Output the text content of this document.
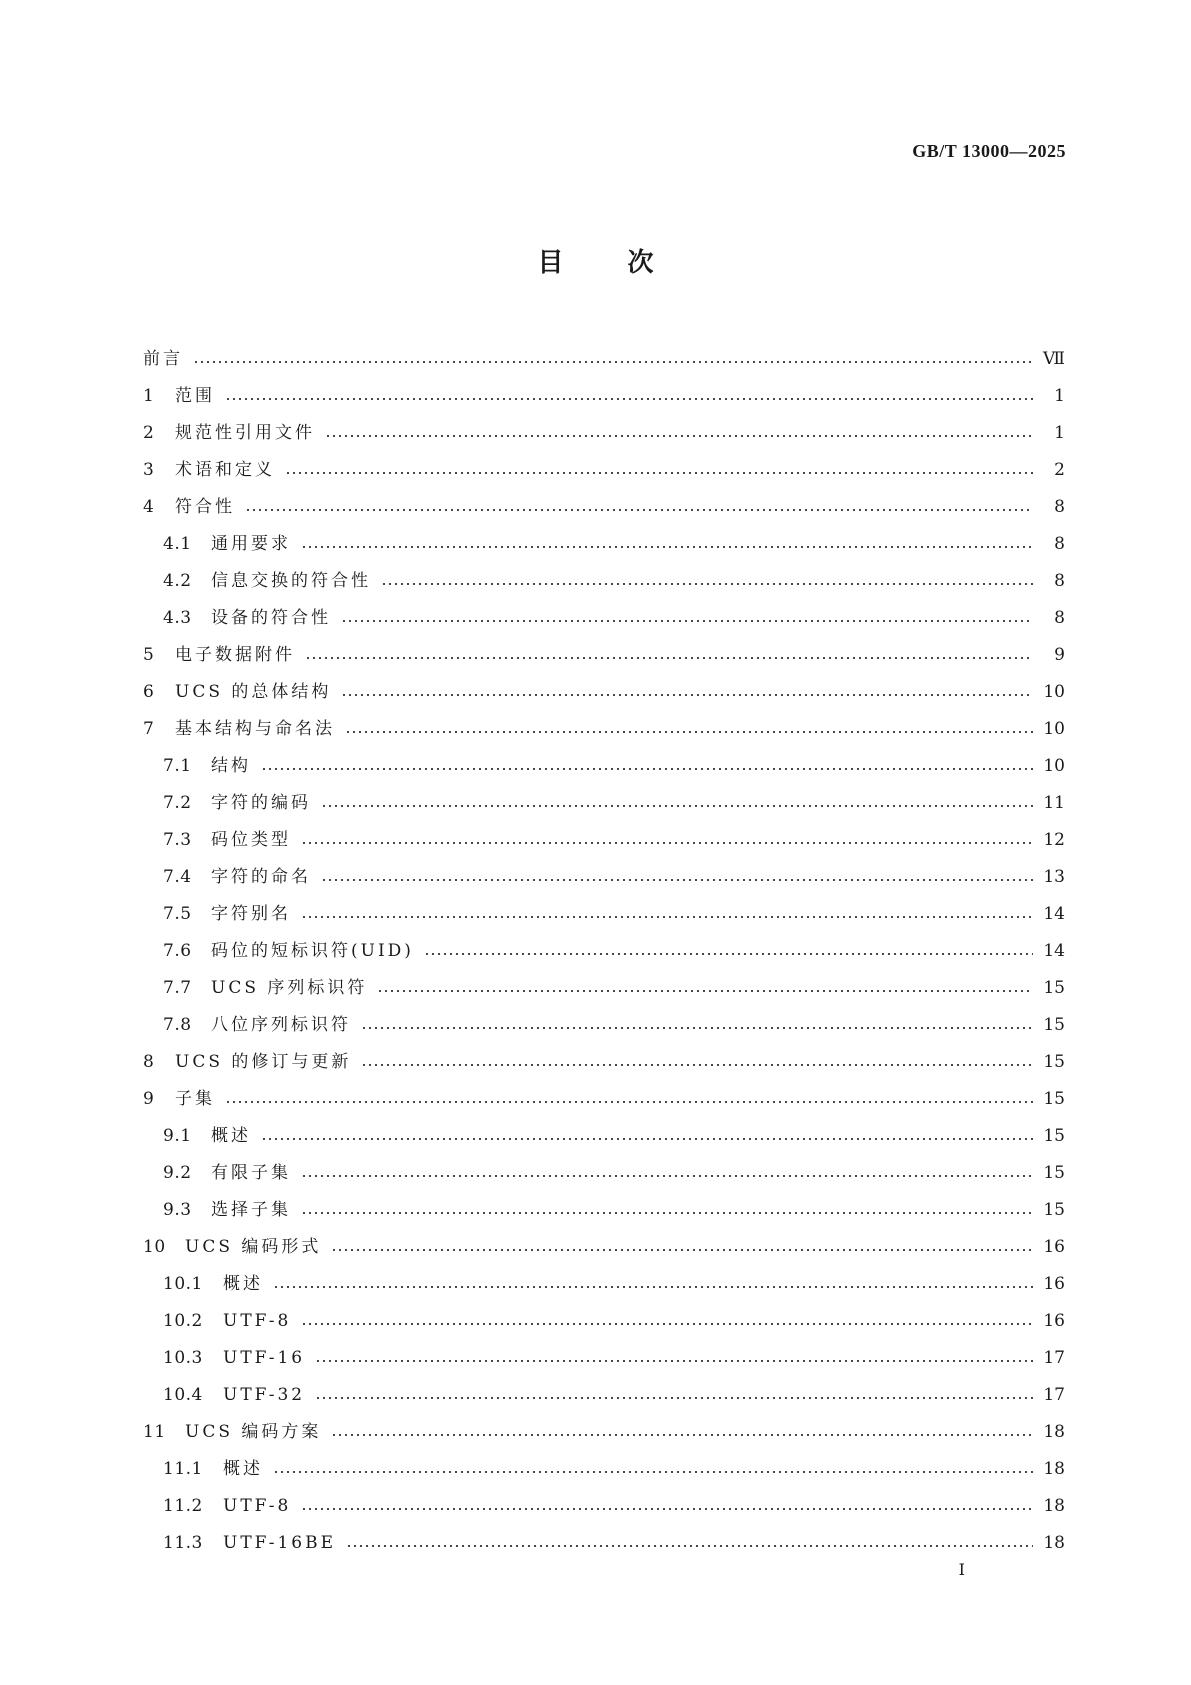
GB/T 13000—2025
目次
前言	Ⅶ
1	范围	1
2	规范性引用文件	1
3	术语和定义	2
4	符合性	8
4.1	通用要求	8
4.2	信息交换的符合性	8
4.3	设备的符合性	8
5	电子数据附件	9
6	UCS 的总体结构	10
7	基本结构与命名法	10
7.1	结构	10
7.2	字符的编码	11
7.3	码位类型	12
7.4	字符的命名	13
7.5	字符别名	14
7.6	码位的短标识符(UID)	14
7.7	UCS 序列标识符	15
7.8	八位序列标识符	15
8	UCS 的修订与更新	15
9	子集	15
9.1	概述	15
9.2	有限子集	15
9.3	选择子集	15
10	UCS 编码形式	16
10.1	概述	16
10.2	UTF-8	16
10.3	UTF-16	17
10.4	UTF-32	17
11	UCS 编码方案	18
11.1	概述	18
11.2	UTF-8	18
11.3	UTF-16BE	18
I
